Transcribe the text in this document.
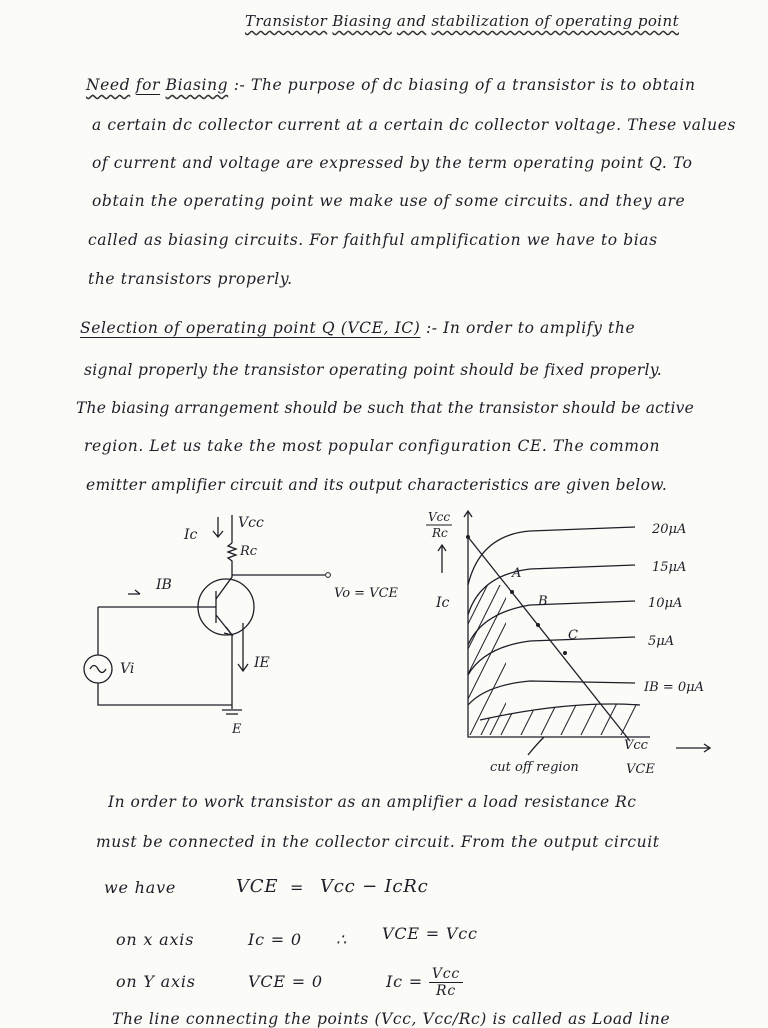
Transistor Biasing and stabilization of operating point
Need for Biasing :- The purpose of dc biasing of a transistor is to obtain
a certain dc collector current at a certain dc collector voltage. These values
of current and voltage are expressed by the term operating point Q. To
obtain the operating point we make use of some circuits. and they are
called as biasing circuits. For faithful amplification we have to bias
the transistors properly.
Selection of operating point Q (VCE, IC) :- In order to amplify the
signal properly the transistor operating point should be fixed properly.
The biasing arrangement should be such that the transistor should be active
region. Let us take the most popular configuration CE. The common
emitter amplifier circuit and its output characteristics are given below.
Ic
Vcc
Rc
IB
Vo = VCE
Vi	IE
E
Vcc
Rc
Ic
20μA
15μA
10μA
5μA
IB = 0μA
A
B
C
Vcc
VCE
cut off region
In order to work transistor as an amplifier a load resistance Rc
must be connected in the collector circuit. From the output circuit
we have	VCE = Vcc − IcRc
on x axis	Ic = 0 ∴ VCE = Vcc
on Y axis	VCE = 0	$Ic = \frac{\text{Vcc}}{Rc}$
The line connecting the points (Vcc, Vcc/Rc) is called as Load line
